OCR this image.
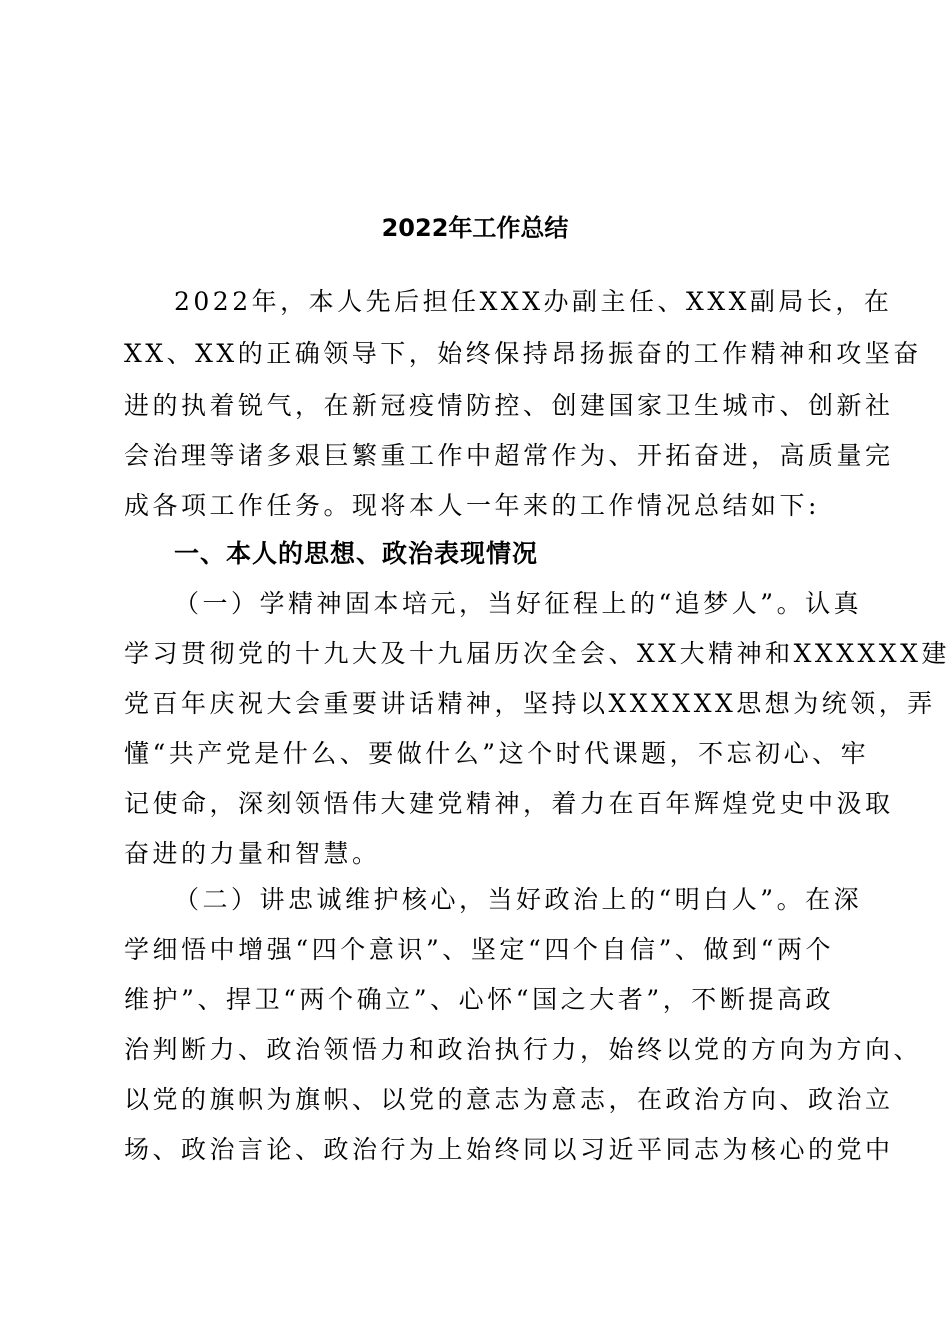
2022年工作总结
2022年，本人先后担任XXX办副主任、XXX副局长，在
XX、XX的正确领导下，始终保持昂扬振奋的工作精神和攻坚奋
进的执着锐气，在新冠疫情防控、创建国家卫生城市、创新社
会治理等诸多艰巨繁重工作中超常作为、开拓奋进，高质量完
成各项工作任务。现将本人一年来的工作情况总结如下:
一、本人的思想、政治表现情况
（一）学精神固本培元，当好征程上的“追梦人”。认真
学习贯彻党的十九大及十九届历次全会、XX大精神和XXXXXX建
党百年庆祝大会重要讲话精神，坚持以XXXXXX思想为统领，弄
懂“共产党是什么、要做什么”这个时代课题，不忘初心、牢
记使命，深刻领悟伟大建党精神，着力在百年辉煌党史中汲取
奋进的力量和智慧。
（二）讲忠诚维护核心，当好政治上的“明白人”。在深
学细悟中增强“四个意识”、坚定“四个自信”、做到“两个
维护”、捍卫“两个确立”、心怀“国之大者”，不断提高政
治判断力、政治领悟力和政治执行力，始终以党的方向为方向、
以党的旗帜为旗帜、以党的意志为意志，在政治方向、政治立
场、政治言论、政治行为上始终同以习近平同志为核心的党中
